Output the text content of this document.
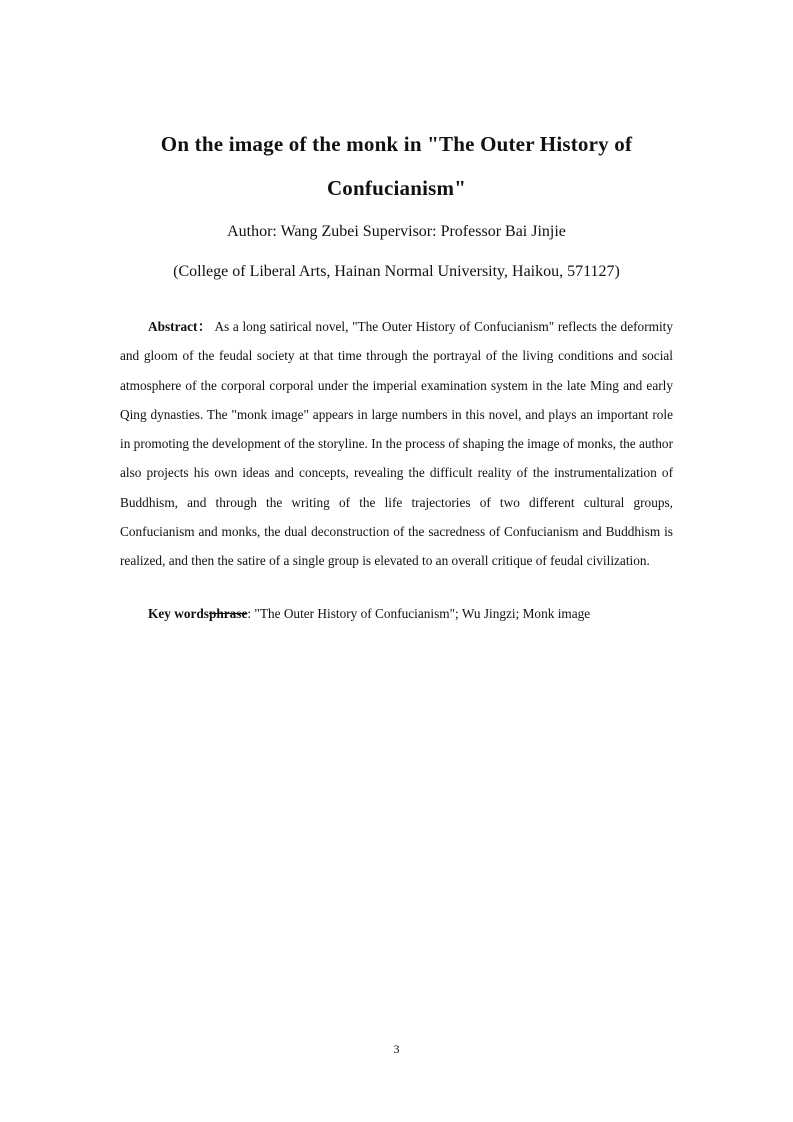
On the image of the monk in "The Outer History of Confucianism"
Author: Wang Zubei Supervisor: Professor Bai Jinjie
(College of Liberal Arts, Hainan Normal University, Haikou, 571127)

Abstract： As a long satirical novel, "The Outer History of Confucianism" reflects the deformity and gloom of the feudal society at that time through the portrayal of the living conditions and social atmosphere of the corporal corporal under the imperial examination system in the late Ming and early Qing dynasties. The "monk image" appears in large numbers in this novel, and plays an important role in promoting the development of the storyline. In the process of shaping the image of monks, the author also projects his own ideas and concepts, revealing the difficult reality of the instrumentalization of Buddhism, and through the writing of the life trajectories of two different cultural groups, Confucianism and monks, the dual deconstruction of the sacredness of Confucianism and Buddhism is realized, and then the satire of a single group is elevated to an overall critique of feudal civilization.

Key wordsphrase: "The Outer History of Confucianism"; Wu Jingzi; Monk image

3
